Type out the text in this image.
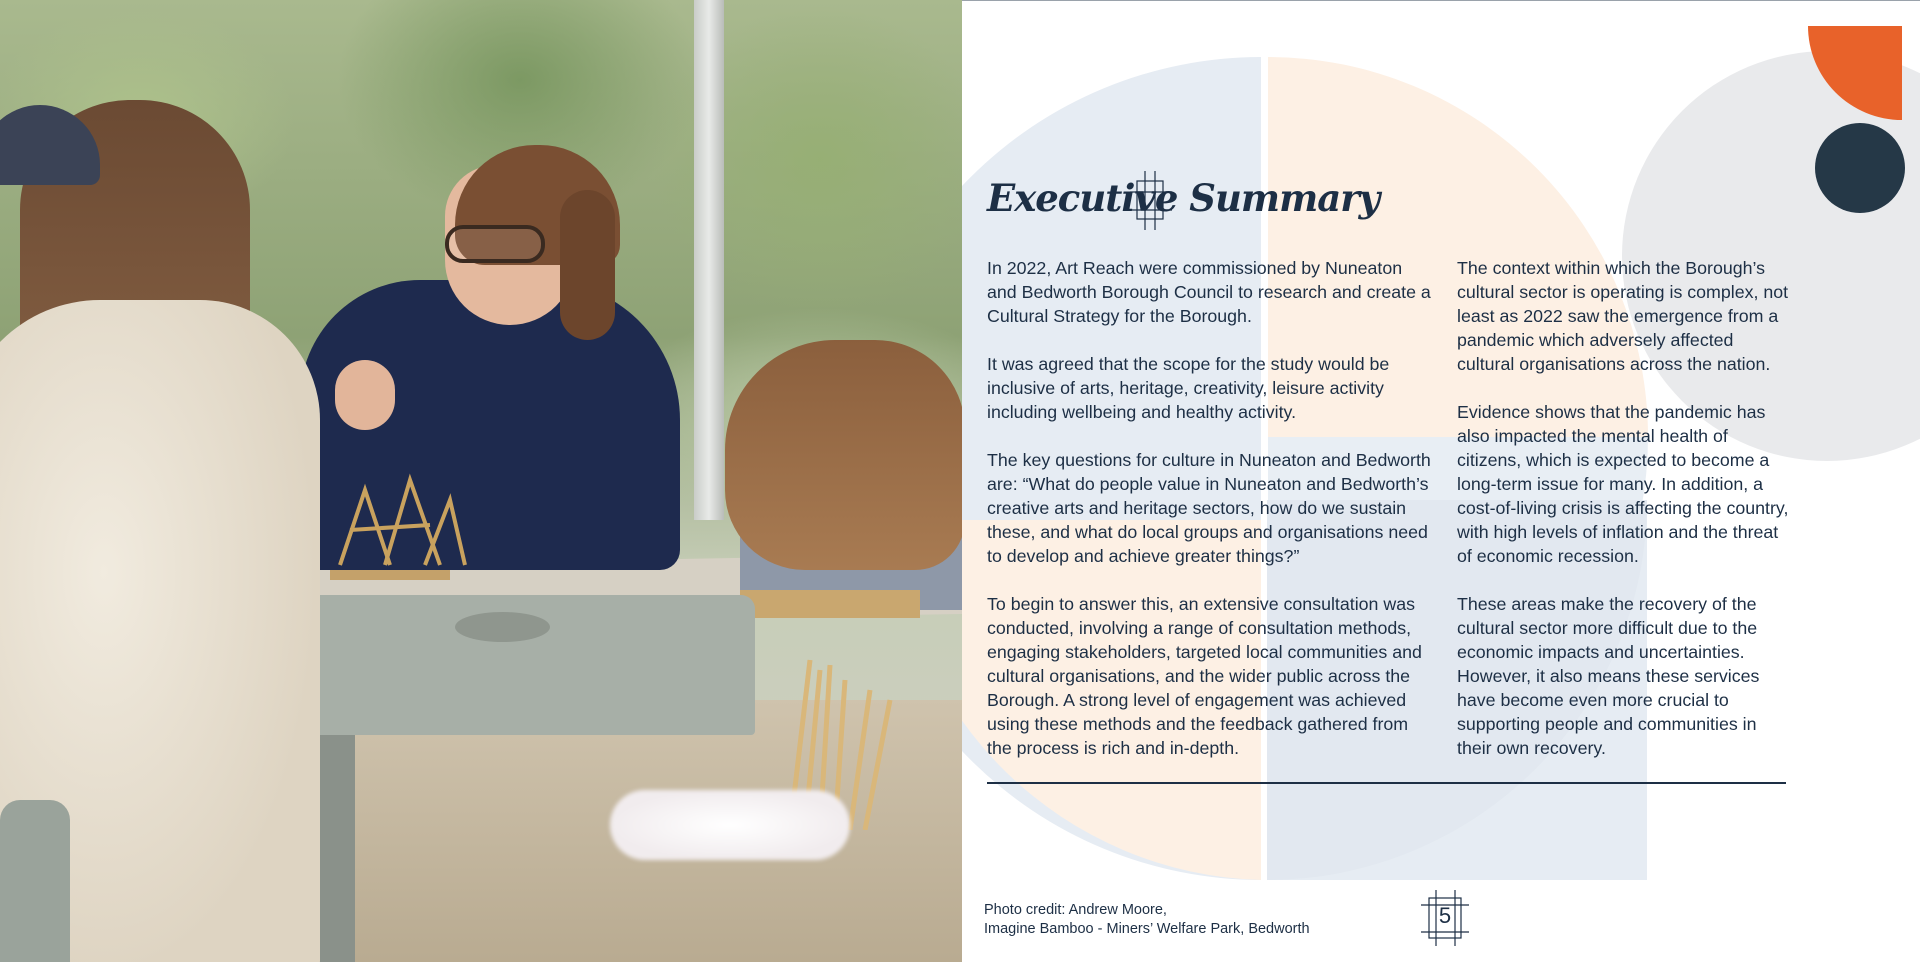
Executive Summary

In 2022, Art Reach were commissioned by Nuneaton and Bedworth Borough Council to research and create a Cultural Strategy for the Borough.

It was agreed that the scope for the study would be inclusive of arts, heritage, creativity, leisure activity including wellbeing and healthy activity.

The key questions for culture in Nuneaton and Bedworth are: “What do people value in Nuneaton and Bedworth’s creative arts and heritage sectors, how do we sustain these, and what do local groups and organisations need to develop and achieve greater things?”

To begin to answer this, an extensive consultation was conducted, involving a range of consultation methods, engaging stakeholders, targeted local communities and cultural organisations, and the wider public across the Borough. A strong level of engagement was achieved using these methods and the feedback gathered from the process is rich and in-depth.

The context within which the Borough’s cultural sector is operating is complex, not least as 2022 saw the emergence from a pandemic which adversely affected cultural organisations across the nation.

Evidence shows that the pandemic has also impacted the mental health of citizens, which is expected to become a long-term issue for many. In addition, a cost-of-living crisis is affecting the country, with high levels of inflation and the threat of economic recession.

These areas make the recovery of the cultural sector more difficult due to the economic impacts and uncertainties. However, it also means these services have become even more crucial to supporting people and communities in their own recovery.

Photo credit: Andrew Moore,
Imagine Bamboo - Miners’ Welfare Park, Bedworth
5
